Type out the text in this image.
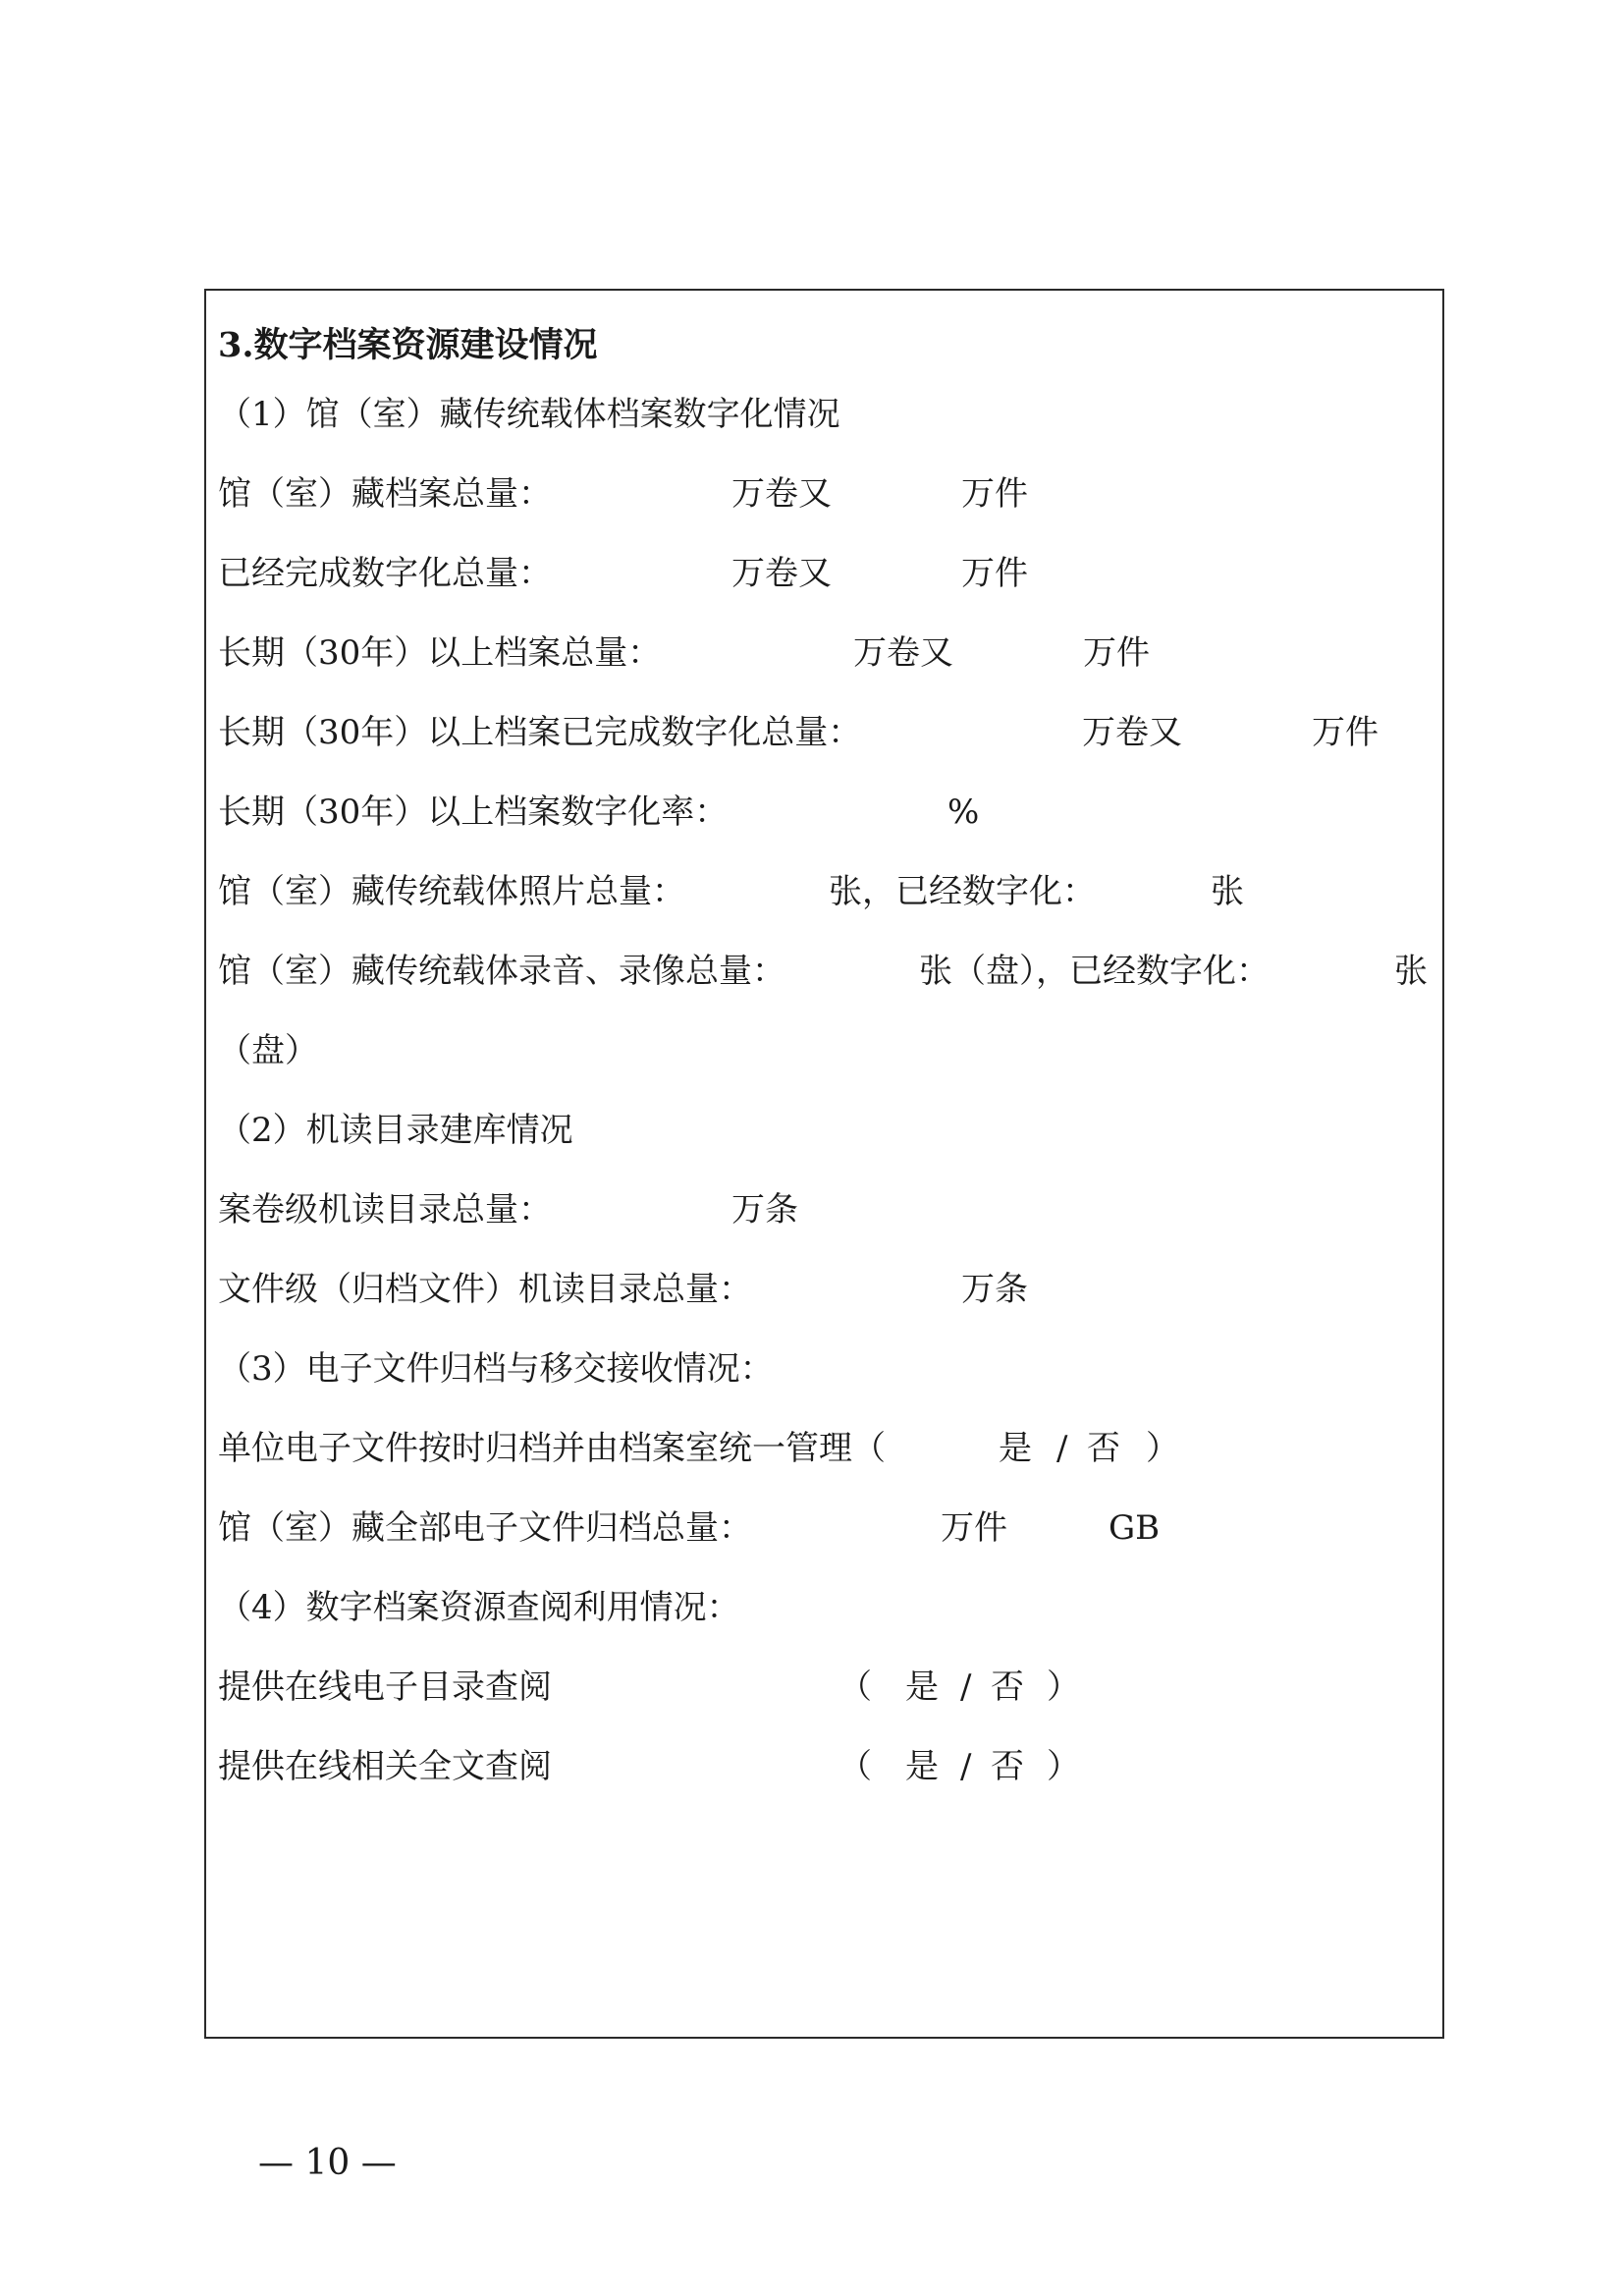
3.数字档案资源建设情况
（1）馆（室）藏传统载体档案数字化情况
馆（室）藏档案总量：	万卷又	万件
已经完成数字化总量：	万卷又	万件
长期（30年）以上档案总量：	万卷又	万件
长期（30年）以上档案已完成数字化总量：	万卷又	万件
长期（30年）以上档案数字化率：	%
馆（室）藏传统载体照片总量：	张，已经数字化：	张
馆（室）藏传统载体录音、录像总量：	张（盘），已经数字化：	张
（盘）
（2）机读目录建库情况
案卷级机读目录总量：	万条
文件级（归档文件）机读目录总量：	万条
（3）电子文件归档与移交接收情况：
单位电子文件按时归档并由档案室统一管理（	是 / 否 ）
馆（室）藏全部电子文件归档总量：	万件	GB
（4）数字档案资源查阅利用情况：
提供在线电子目录查阅	（ 是 / 否 ）
提供在线相关全文查阅	（ 是 / 否 ）
— 10 —
